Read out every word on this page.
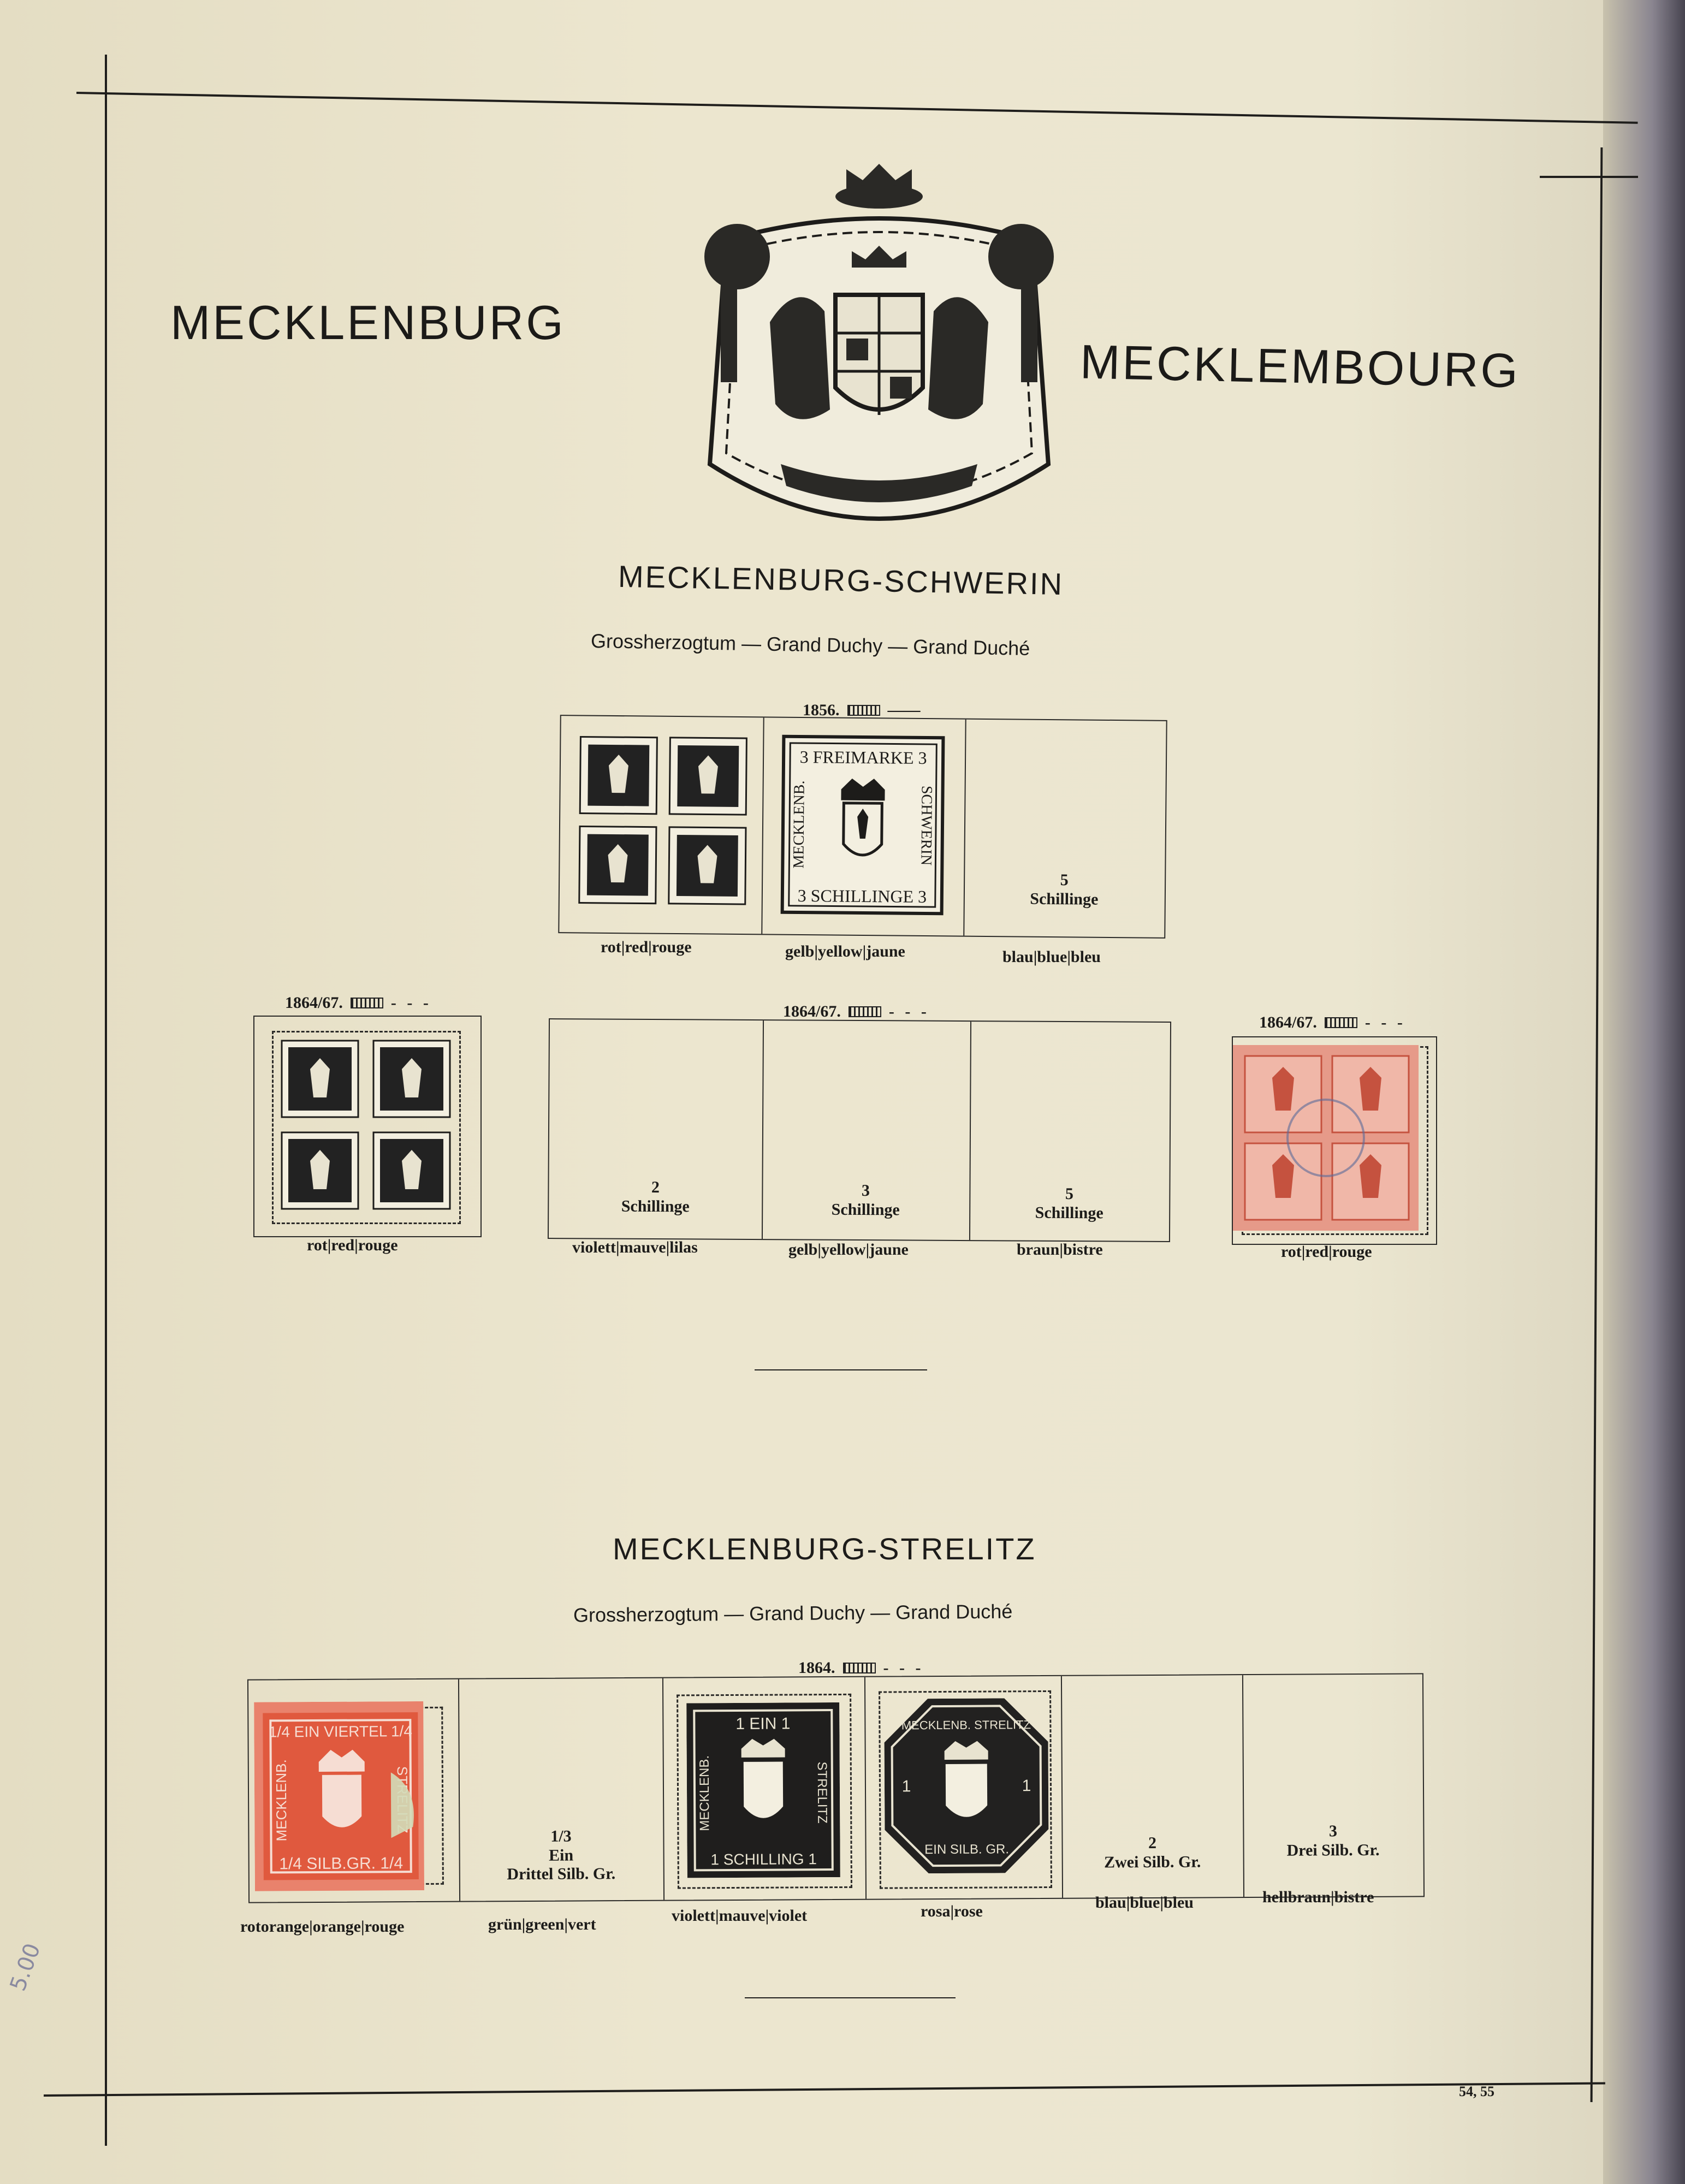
MECKLENBURG
MECKLEMBOURG
MECKLENBURG-SCHWERIN
Grossherzogtum — Grand Duchy — Grand Duché
1856.	——
3 FREIMARKE 3
3 SCHILLINGE 3
MECKLENB.	SCHWERIN
5
Schillinge
rot|red|rouge	gelb|yellow|jaune	blau|blue|bleu
1864/67.	- - -
rot|red|rouge
1864/67.	- - -
2
Schillinge
3
Schillinge
5
Schillinge
violett|mauve|lilas	gelb|yellow|jaune	braun|bistre
1864/67.	- - -
rot|red|rouge
MECKLENBURG-STRELITZ
Grossherzogtum — Grand Duchy — Grand Duché
1864.	- - -
1/4 EIN VIERTEL 1/4
1/4 SILB.GR. 1/4
MECKLENB.	1/3
Ein
Drittel Silb. Gr.
1 EIN 1
1 SCHILLING 1
MECKLENB.	STRELITZ
MECKLENB. STRELITZ
EIN SILB. GR.
1	1
2
Zwei Silb. Gr.
3
Drei Silb. Gr.
rotorange|orange|rouge	grün|green|vert	violett|mauve|violet	rosa|rose	blau|blue|bleu	hellbraun|bistre
54, 55
5.00
